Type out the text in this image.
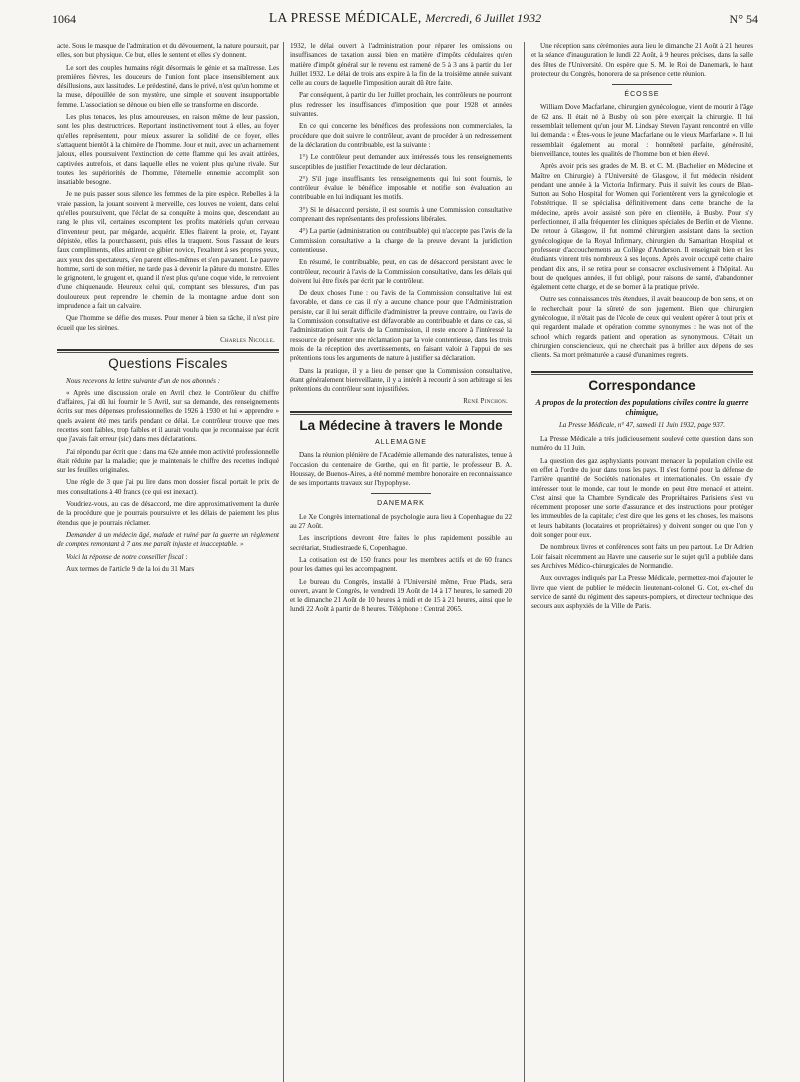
1064	LA PRESSE MÉDICALE, Mercredi, 6 Juillet 1932	N° 54

acte. Sous le masque de l'admiration et du dévouement, la nature poursuit, par elles, son but physique. Ce but, elles le sentent et elles s'y donnent.

Le sort des couples humains régit désormais le génie et sa maîtresse. Les premières fièvres, les douceurs de l'union font place insensiblement aux désillusions, aux lassitudes. Le prédestiné, dans le privé, n'est qu'un homme et la muse, dépouillée de son mystère, une simple et souvent insupportable femme. L'association se dénoue ou bien elle se transforme en discorde.

Les plus tenaces, les plus amoureuses, en raison même de leur passion, sont les plus destructrices. Reportant instinctivement tout à elles, au foyer qu'elles représentent, pour mieux assurer la solidité de ce foyer, elles s'attaquent bientôt à la chimère de l'homme. Jour et nuit, avec un acharnement jaloux, elles poursuivent l'extinction de cette flamme qui les avait attirées, captivées autrefois, et dans laquelle elles ne voient plus qu'une rivale. Sur toutes les supériorités de l'homme, l'éternelle ennemie accomplit son insatiable besogne.

Je ne puis passer sous silence les femmes de la pire espèce. Rebelles à la vraie passion, la jouant souvent à merveille, ces louves ne voient, dans celui qu'elles poursuivent, que l'éclat de sa conquête à moins que, descendant au rang le plus vil, certaines escomptent les profits matériels qu'un cerveau d'inventeur peut, par mégarde, acquérir. Elles flairent la proie, et, l'ayant dépistée, elles la pourchassent, puis elles la traquent. Sous l'assaut de leurs faux compliments, elles attirent ce gibier novice, l'exaltent à ses propres yeux, aux yeux des spectateurs, s'en parent elles-mêmes et s'en pavanent. Le pauvre homme, sorti de son métier, ne tarde pas à devenir la pâture du monstre. Elles le grignotent, le grugent et, quand il n'est plus qu'une coque vide, le renvoient d'une chiquenaude. Heureux celui qui, comptant ses blessures, d'un pas douloureux peut reprendre le chemin de la montagne ardue dont son imprudence a fait un calvaire.

Que l'homme se défie des muses. Pour mener à bien sa tâche, il n'est pire écueil que les sirènes.

Charles Nicolle.
Questions Fiscales

Nous recevons la lettre suivante d'un de nos abonnés :

« Après une discussion orale en Avril chez le Contrôleur du chiffre d'affaires, j'ai dû lui fournir le 5 Avril, sur sa demande, des renseignements écrits sur mes dépenses professionnelles de 1926 à 1930 et lui « apprendre » quels avaient été mes tarifs pendant ce délai. Le contrôleur trouve que mes recettes sont faibles, trop faibles et il aurait voulu que je reconnaisse par écrit que j'avais fait erreur (sic) dans mes déclarations.

J'ai répondu par écrit que : dans ma 62e année mon activité professionnelle était réduite par la maladie; que je maintenais le chiffre des recettes indiqué sur les feuilles originales.

Une règle de 3 que j'ai pu lire dans mon dossier fiscal portait le prix de mes consultations à 40 francs (ce qui est inexact).

Voudriez-vous, au cas de désaccord, me dire approximativement la durée de la procédure que je pourrais poursuivre et les délais de paiement les plus étendus que je pourrais réclamer.

Demander à un médecin âgé, malade et ruiné par la guerre un règlement de comptes remontant à 7 ans me paraît injuste et inacceptable. »

Voici la réponse de notre conseiller fiscal :

Aux termes de l'article 9 de la loi du 31 Mars

1932, le délai ouvert à l'administration pour réparer les omissions ou insuffisances de taxation aussi bien en matière d'impôts cédulaires qu'en matière d'impôt général sur le revenu est ramené de 5 à 3 ans à partir du 1er Juillet 1932. Le délai de trois ans expire à la fin de la troisième année suivant celle au cours de laquelle l'imposition aurait dû être faite.

Par conséquent, à partir du 1er Juillet prochain, les contrôleurs ne pourront plus redresser les insuffisances d'imposition que pour 1928 et années suivantes.

En ce qui concerne les bénéfices des professions non commerciales, la procédure que doit suivre le contrôleur, avant de procéder à un redressement de la déclaration du contribuable, est la suivante :

1°) Le contrôleur peut demander aux intéressés tous les renseignements susceptibles de justifier l'exactitude de leur déclaration.

2°) S'il juge insuffisants les renseignements qui lui sont fournis, le contrôleur évalue le bénéfice imposable et notifie son évaluation au contribuable en lui indiquant les motifs.

3°) Si le désaccord persiste, il est soumis à une Commission consultative comprenant des représentants des professions libérales.

4°) La partie (administration ou contribuable) qui n'accepte pas l'avis de la Commission consultative a la charge de la preuve devant la juridiction contentieuse.

En résumé, le contribuable, peut, en cas de désaccord persistant avec le contrôleur, recourir à l'avis de la Commission consultative, dans les délais qui doivent lui être fixés par écrit par le contrôleur.

De deux choses l'une : ou l'avis de la Commission consultative lui est favorable, et dans ce cas il n'y a aucune chance pour que l'Administration persiste, car il lui serait difficile d'administrer la preuve contraire, ou l'avis de la Commission consultative est défavorable au contribuable et dans ce cas, si l'administration suit l'avis de la Commission, il reste encore à l'intéressé la ressource de présenter une réclamation par la voie contentieuse, dans les trois mois de la réception des avertissements, en faisant valoir à l'appui de ses prétentions tous les arguments de nature à justifier sa déclaration.

Dans la pratique, il y a lieu de penser que la Commission consultative, étant généralement bienveillante, il y a intérêt à recourir à son arbitrage si les prétentions du contrôleur sont injustifiées.

René Pinchon.
La Médecine à travers le Monde
ALLEMAGNE

Dans la réunion plénière de l'Académie allemande des naturalistes, tenue à l'occasion du centenaire de Gœthe, qui en fit partie, le professeur B. A. Houssay, de Buenos-Aires, a été nommé membre honoraire en reconnaissance de ses importants travaux sur l'hypophyse.

DANEMARK

Le Xe Congrès international de psychologie aura lieu à Copenhague du 22 au 27 Août.

Les inscriptions devront être faites le plus rapidement possible au secrétariat, Studiestraede 6, Copenhague.

La cotisation est de 150 francs pour les membres actifs et de 60 francs pour les dames qui les accompagnent.

Le bureau du Congrès, installé à l'Université même, Frue Plads, sera ouvert, avant le Congrès, le vendredi 19 Août de 14 à 17 heures, le samedi 20 et le dimanche 21 Août de 10 heures à midi et de 15 à 21 heures, ainsi que le lundi 22 Août à partir de 8 heures. Téléphone : Central 2065.

Une réception sans cérémonies aura lieu le dimanche 21 Août à 21 heures et la séance d'inauguration le lundi 22 Août, à 9 heures précises, dans la salle des fêtes de l'Université. On espère que S. M. le Roi de Danemark, le haut protecteur du Congrès, honorera de sa présence cette réunion.

ÉCOSSE

William Dove Macfarlane, chirurgien gynécologue, vient de mourir à l'âge de 62 ans. Il était né à Busby où son père exerçait la chirurgie. Il lui ressemblait tellement qu'un jour M. Lindsay Steven l'ayant rencontré en ville lui demanda : « Êtes-vous le jeune Macfarlane ou le vieux Marfarlane ». Il lui ressemblait également au moral : honnêteté parfaite, générosité, bienveillance, toutes les qualités de l'homme bon et bien élevé.

Après avoir pris ses grades de M. B. et C. M. (Bachelier en Médecine et Maître en Chirurgie) à l'Université de Glasgow, il fut médecin résident pendant une année à la Victoria Infirmary. Puis il suivit les cours de Blan-Sutton au Soho Hospital for Women qui l'orientèrent vers la gynécologie et l'obstétrique. Il se spécialisa définitivement dans cette branche de la médecine, après avoir assisté son père en clientèle, à Busby. Pour s'y perfectionner, il alla fréquenter les cliniques spéciales de Berlin et de Vienne. De retour à Glasgow, il fut nommé chirurgien assistant dans la section gynécologique de la Royal Infirmary, chirurgien du Samaritan Hospital et professeur d'accouchements au Collège d'Anderson. Il enseignait bien et les étudiants vinrent très nombreux à ses leçons. Après avoir occupé cette chaire pendant dix ans, il se retira pour se consacrer exclusivement à l'hôpital. Au bout de quelques années, il fut obligé, pour raisons de santé, d'abandonner également cette charge, et de se borner à la pratique privée.

Outre ses connaissances très étendues, il avait beaucoup de bon sens, et on le recherchait pour la sûreté de son jugement. Bien que chirurgien gynécologue, il n'était pas de l'école de ceux qui veulent opérer à tout prix et qui regardent malade et opération comme synonymes : he was not of the school which regards patient and operation as synonymous. C'était un chirurgien consciencieux, qui ne cherchait pas à briller aux dépens de ses clients. Sa mort prématurée a causé d'unanimes regrets.

Correspondance
A propos de la protection des populations civiles contre la guerre chimique,
La Presse Médicale, n° 47, samedi 11 Juin 1932, page 937.

La Presse Médicale a très judicieusement soulevé cette question dans son numéro du 11 Juin.

La question des gaz asphyxiants pouvant menacer la population civile est en effet à l'ordre du jour dans tous les pays. Il s'est formé pour la défense de l'arrière quantité de Sociétés nationales et internationales. On essaie d'y intéresser tout le monde, car tout le monde en peut être menacé et atteint. C'est ainsi que la Chambre Syndicale des Propriétaires Parisiens s'est vu récemment proposer une sorte d'assurance et des instructions pour protéger les immeubles de la capitale; c'est dire que les gens et les choses, les maisons et leurs habitants (locataires et propriétaires) y doivent songer ou que l'on y doit songer pour eux.

De nombreux livres et conférences sont faits un peu partout. Le Dr Adrien Loir faisait récemment au Havre une causerie sur le sujet qu'il a publiée dans ses Archives Médico-chirurgicales de Normandie.

Aux ouvrages indiqués par La Presse Médicale, permettez-moi d'ajouter le livre que vient de publier le médecin lieutenant-colonel G. Cot, ex-chef du service de santé du régiment des sapeurs-pompiers, et directeur technique des secours aux asphyxiés de la Ville de Paris.
